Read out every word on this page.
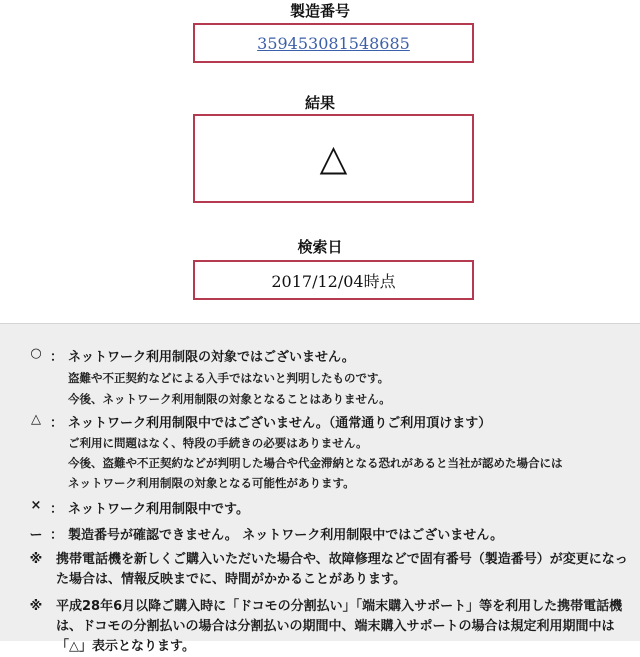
製造番号
359453081548685
結果
△
検索日
2017/12/04時点
○ ： ネットワーク利用制限の対象ではございません。
盗難や不正契約などによる入手ではないと判明したものです。
今後、ネットワーク利用制限の対象となることはありません。
△ ： ネットワーク利用制限中ではございません。（通常通りご利用頂けます）
ご利用に問題はなく、特段の手続きの必要はありません。
今後、盗難や不正契約などが判明した場合や代金滞納となる恐れがあると当社が認めた場合には
ネットワーク利用制限の対象となる可能性があります。
× ： ネットワーク利用制限中です。
ー ： 製造番号が確認できません。 ネットワーク利用制限中ではございません。
※ 携帯電話機を新しくご購入いただいた場合や、故障修理などで固有番号（製造番号）が変更になった場合は、情報反映までに、時間がかかることがあります。
※ 平成28年6月以降ご購入時に「ドコモの分割払い」「端末購入サポート」等を利用した携帯電話機は、ドコモの分割払いの場合は分割払いの期間中、端末購入サポートの場合は規定利用期間中は「△」表示となります。
